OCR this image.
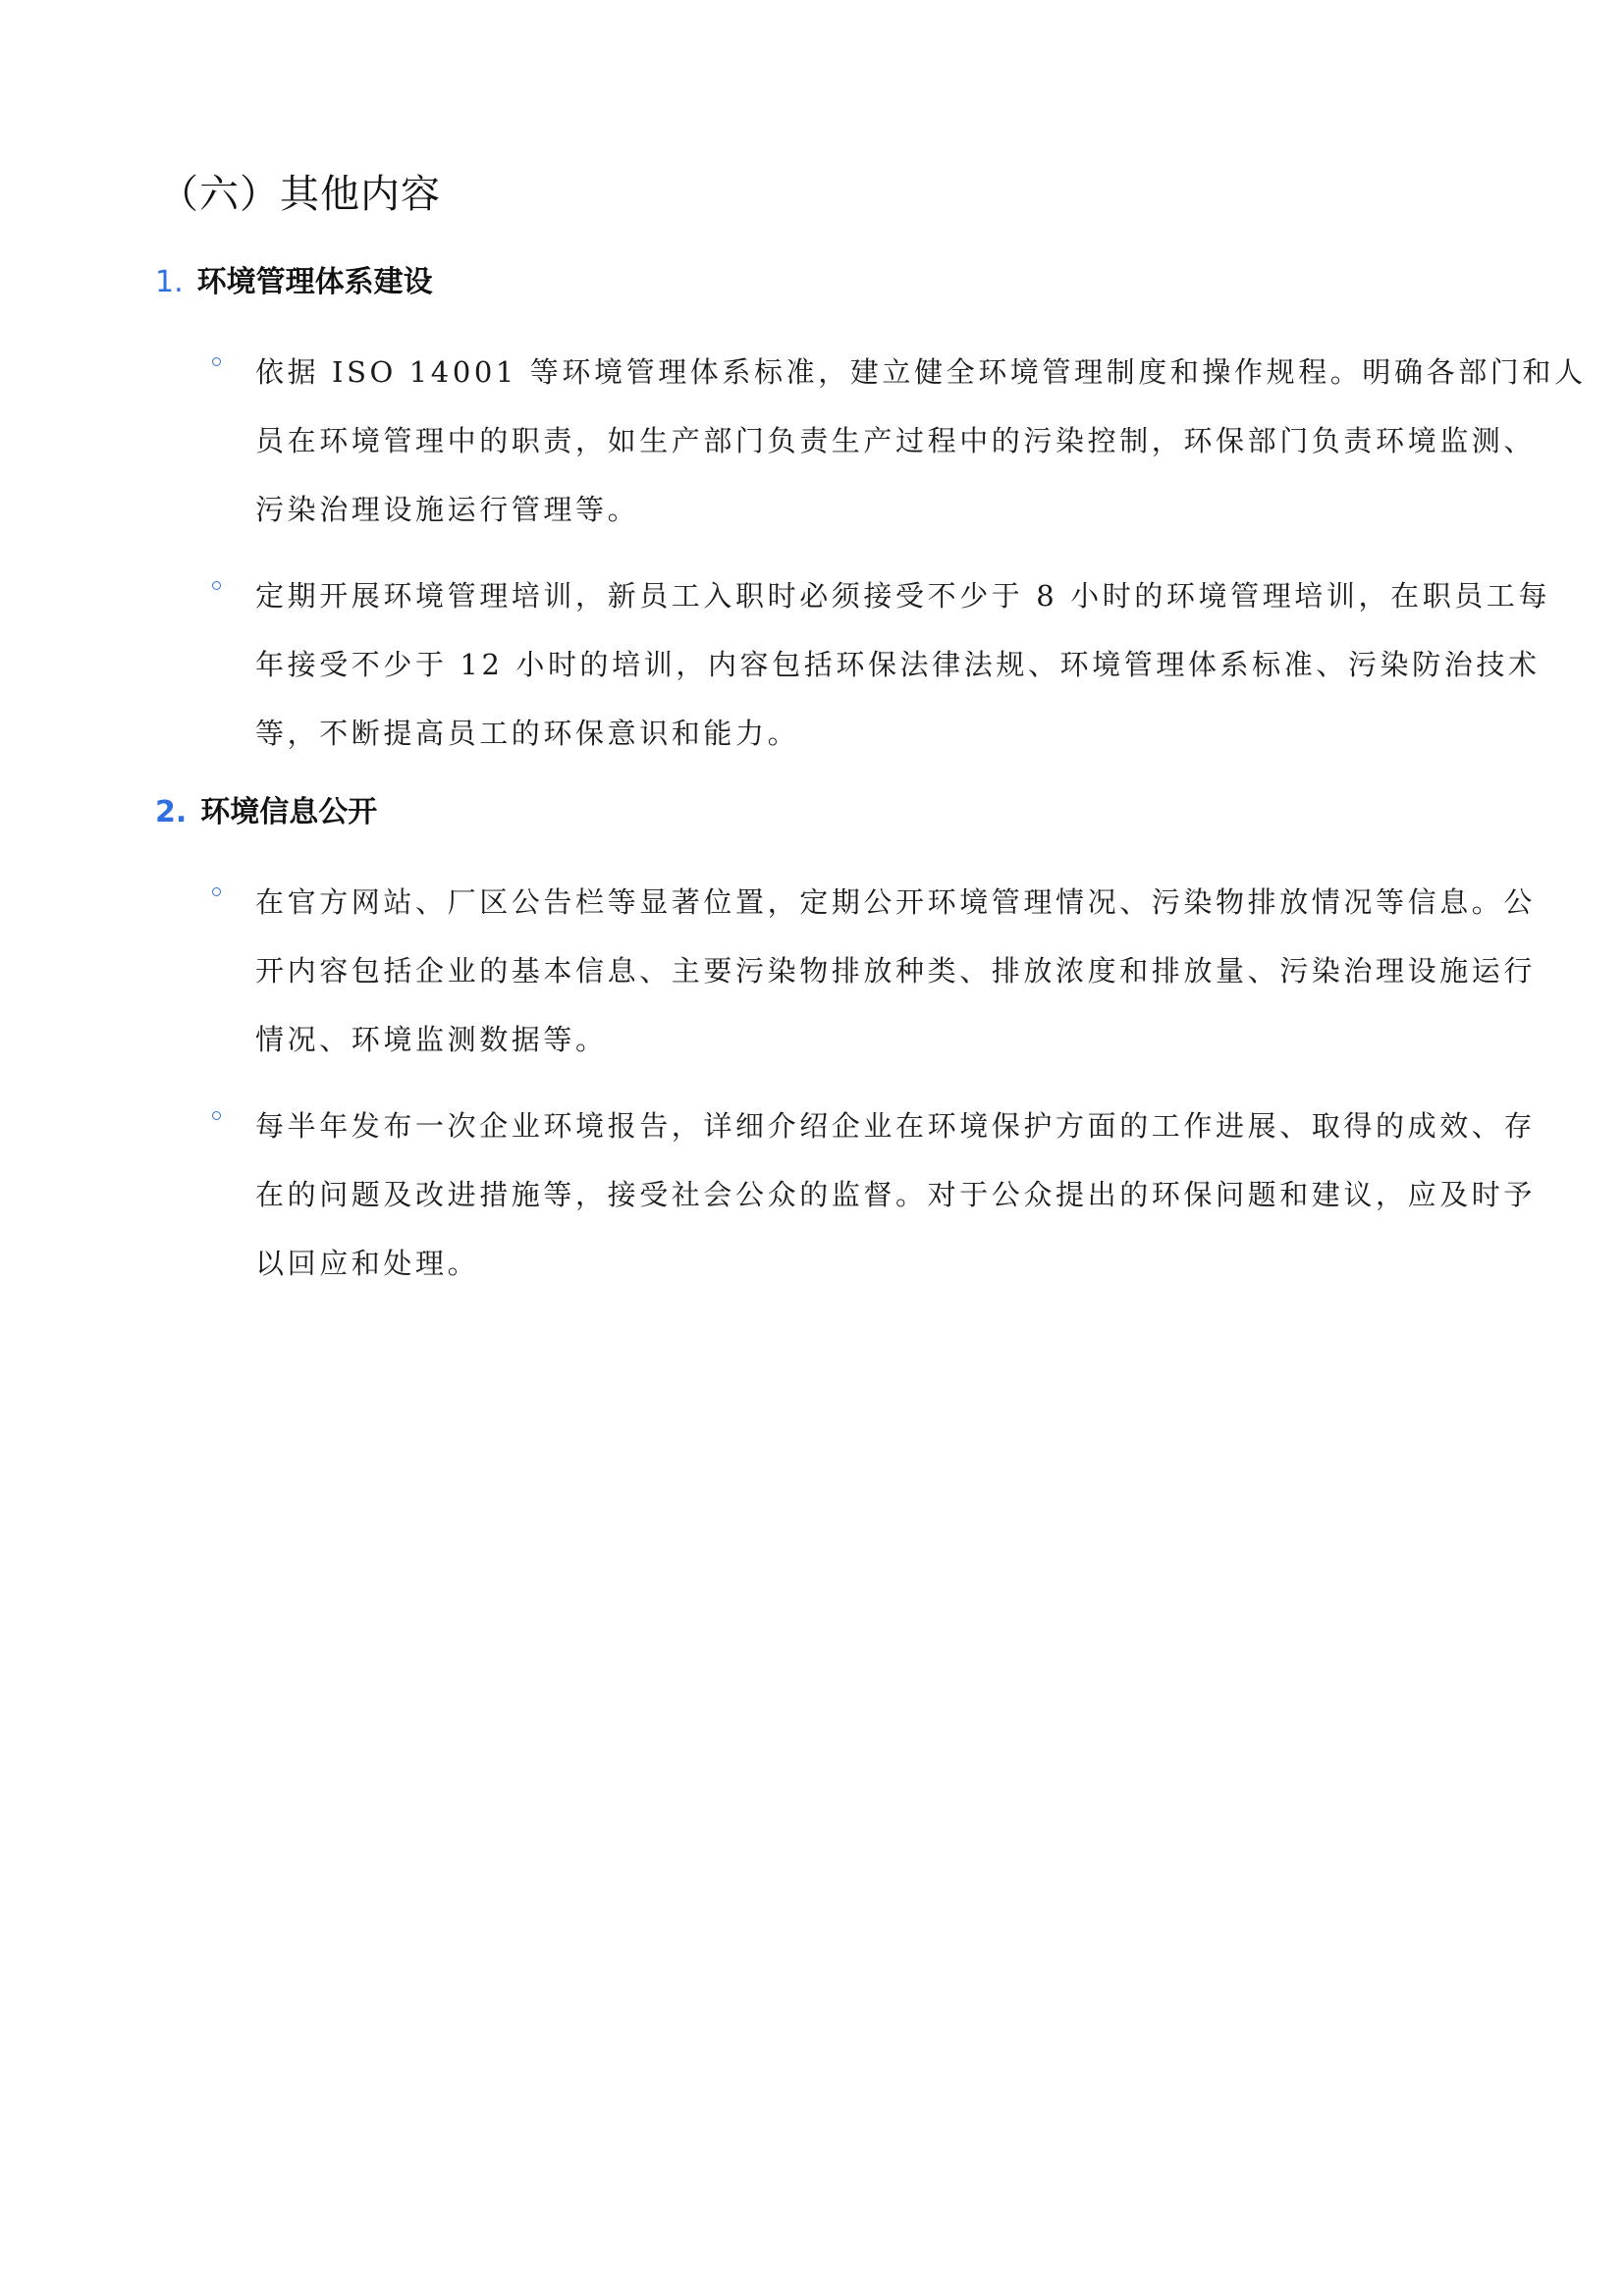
（六）其他内容
1. 环境管理体系建设

依据 ISO 14001 等环境管理体系标准，建立健全环境管理制度和操作规程。明确各部门和人
员在环境管理中的职责，如生产部门负责生产过程中的污染控制，环保部门负责环境监测、
污染治理设施运行管理等。

定期开展环境管理培训，新员工入职时必须接受不少于 8 小时的环境管理培训，在职员工每
年接受不少于 12 小时的培训，内容包括环保法律法规、环境管理体系标准、污染防治技术
等，不断提高员工的环保意识和能力。

2. 环境信息公开

在官方网站、厂区公告栏等显著位置，定期公开环境管理情况、污染物排放情况等信息。公
开内容包括企业的基本信息、主要污染物排放种类、排放浓度和排放量、污染治理设施运行
情况、环境监测数据等。

每半年发布一次企业环境报告，详细介绍企业在环境保护方面的工作进展、取得的成效、存
在的问题及改进措施等，接受社会公众的监督。对于公众提出的环保问题和建议，应及时予
以回应和处理。
